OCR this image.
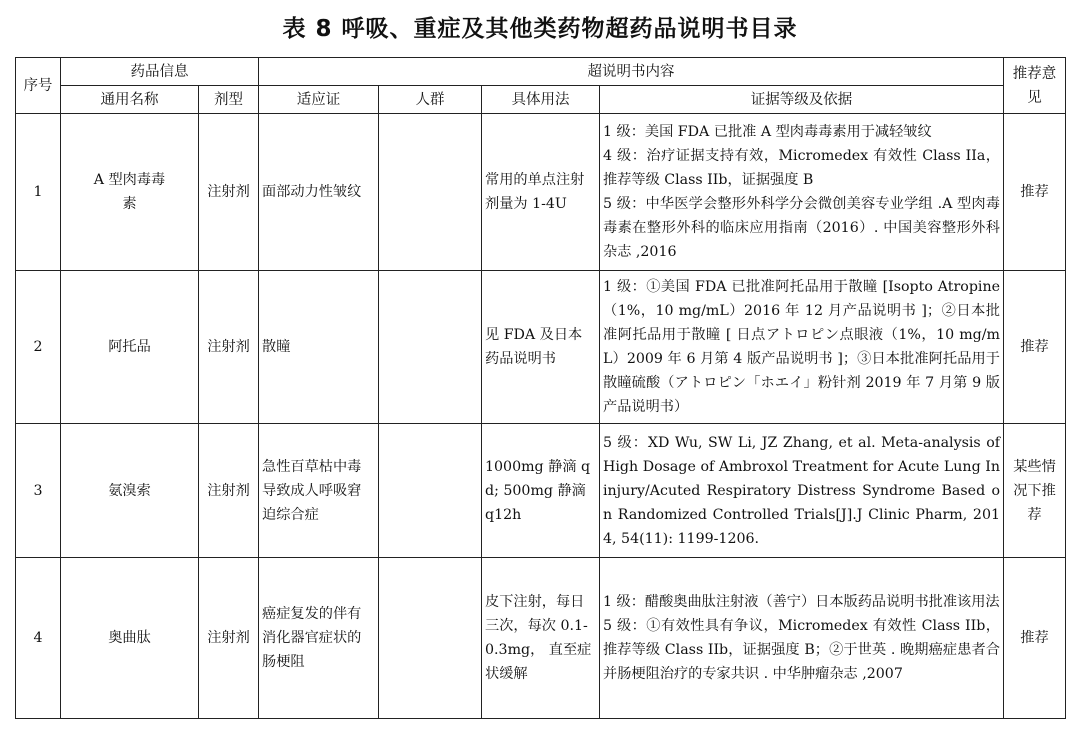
表 8 呼吸、重症及其他类药物超药品说明书目录
序号	药品信息		超说明书内容				推荐意见
	通用名称	剂型	适应证	人群	具体用法	证据等级及依据	
1	A 型肉毒毒素	注射剂	面部动力性皱纹		常用的单点注射剂量为 1-4U	1 级：美国 FDA 已批准 A 型肉毒毒素用于减轻皱纹
4 级：治疗证据支持有效，Micromedex 有效性 Class IIa，推荐等级 Class IIb，证据强度 B
5 级：中华医学会整形外科学分会微创美容专业学组 .A 型肉毒毒素在整形外科的临床应用指南（2016）. 中国美容整形外科杂志 ,2016	推荐
2	阿托品	注射剂	散瞳		见 FDA 及日本药品说明书	1 级：①美国 FDA 已批准阿托品用于散瞳 [Isopto Atropine（1%，10 mg/mL）2016 年 12 月产品说明书 ]；②日本批准阿托品用于散瞳 [ 日点アトロピン点眼液（1%，10 mg/mL）2009 年 6 月第 4 版产品说明书 ]；③日本批准阿托品用于散瞳硫酸（アトロピン「ホエイ」粉针剂 2019 年 7 月第 9 版产品说明书）	推荐
3	氨溴索	注射剂	急性百草枯中毒导致成人呼吸窘迫综合症		1000mg 静滴 qd; 500mg 静滴 q12h	5 级：XD Wu, SW Li, JZ Zhang, et al. Meta-analysis of High Dosage of Ambroxol Treatment for Acute Lung In injury/Acuted Respiratory Distress Syndrome Based on Randomized Controlled Trials[J].J Clinic Pharm, 2014, 54(11): 1199-1206.	某些情况下推荐
4	奥曲肽	注射剂	癌症复发的伴有消化器官症状的肠梗阻		皮下注射，每日三次，每次 0.1-0.3mg， 直至症状缓解	1 级：醋酸奥曲肽注射液（善宁）日本版药品说明书批准该用法
5 级：①有效性具有争议，Micromedex 有效性 Class IIb，推荐等级 Class IIb，证据强度 B；②于世英 . 晚期癌症患者合并肠梗阻治疗的专家共识 . 中华肿瘤杂志 ,2007	推荐
